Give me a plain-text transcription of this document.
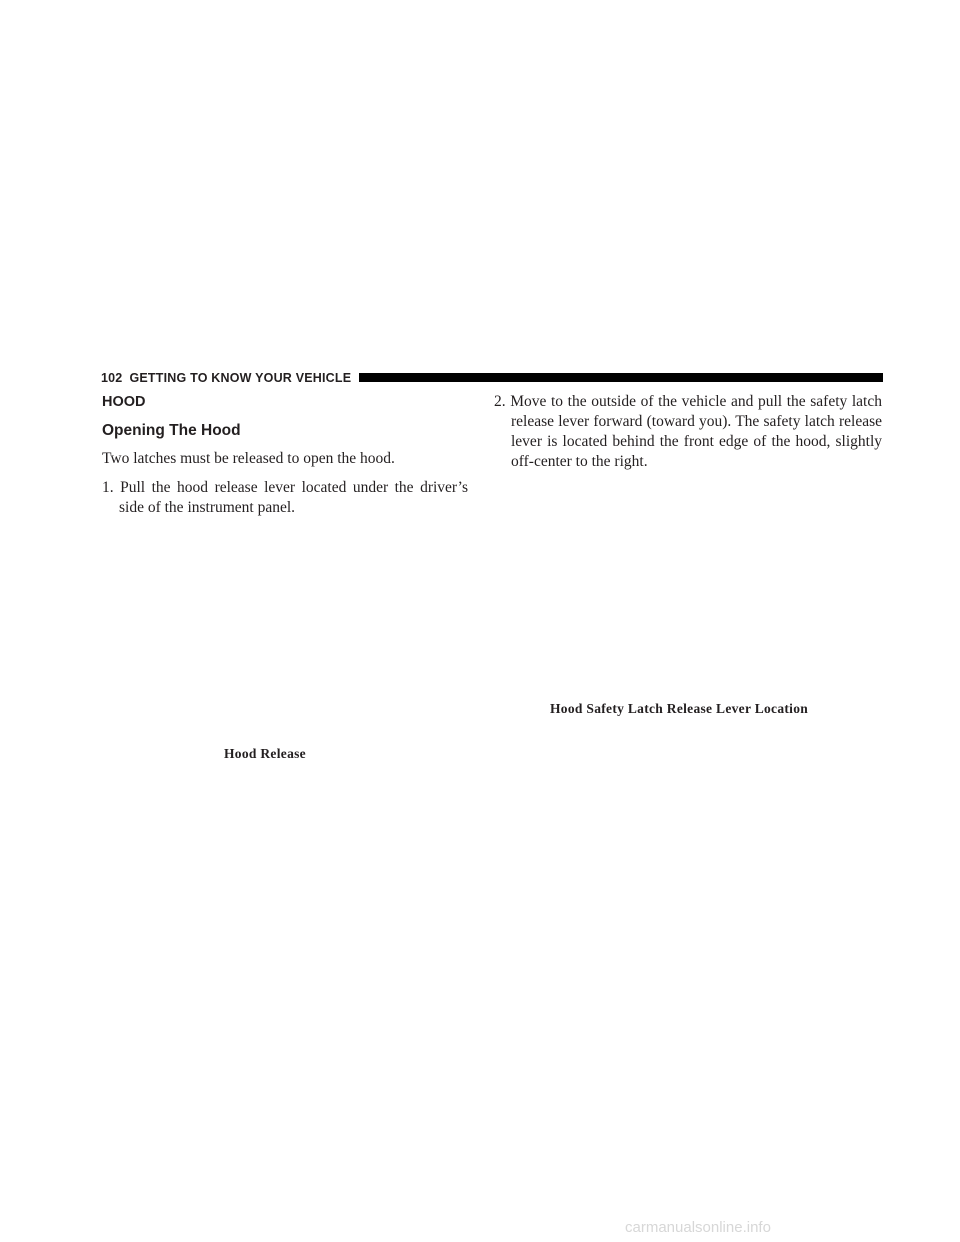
102 GETTING TO KNOW YOUR VEHICLE
HOOD
Opening The Hood

Two latches must be released to open the hood.

1. Pull the hood release lever located under the driver’s side of the instrument panel.

2. Move to the outside of the vehicle and pull the safety latch release lever forward (toward you). The safety latch release lever is located behind the front edge of the hood, slightly off-center to the right.

Hood Release
Hood Safety Latch Release Lever Location
carmanualsonline.info
